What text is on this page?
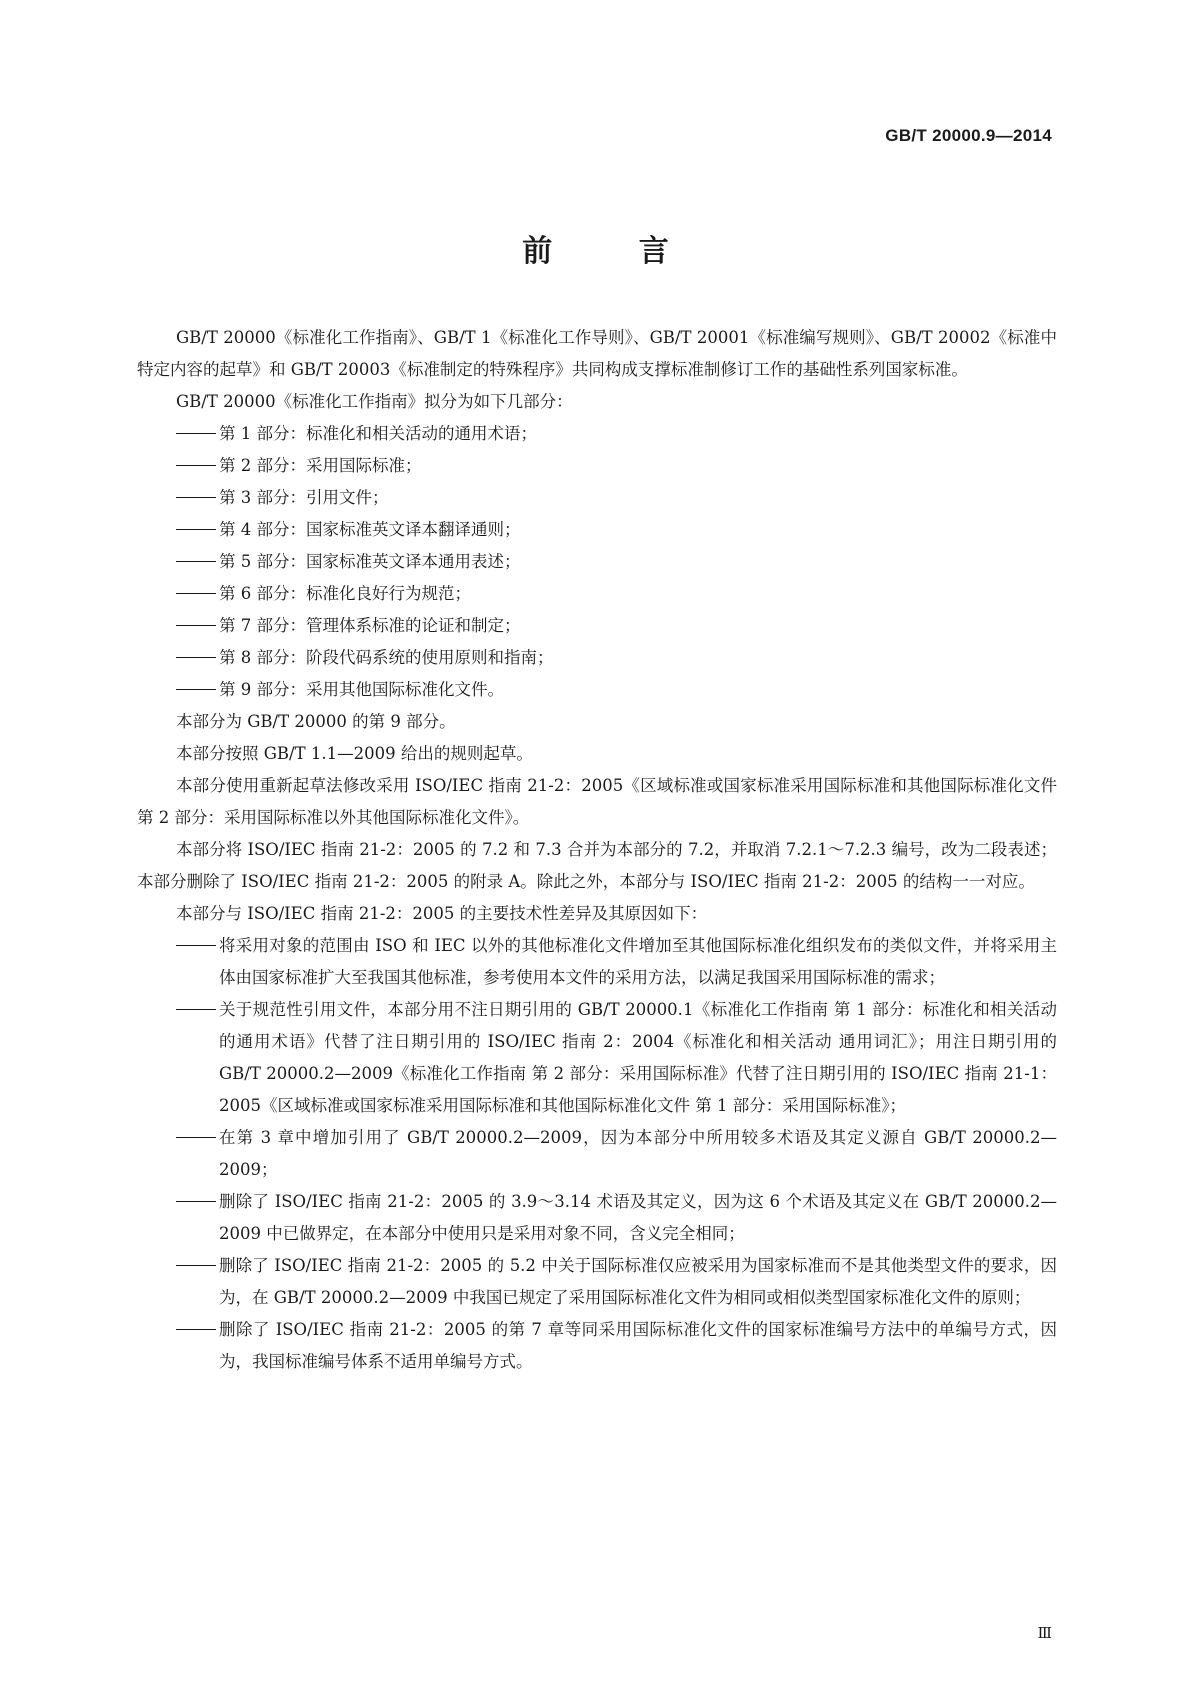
GB/T 20000.9—2014
前 言

GB/T 20000《标准化工作指南》、GB/T 1《标准化工作导则》、GB/T 20001《标准编写规则》、GB/T 20002《标准中特定内容的起草》和 GB/T 20003《标准制定的特殊程序》共同构成支撑标准制修订工作的基础性系列国家标准。

GB/T 20000《标准化工作指南》拟分为如下几部分：

第 1 部分：标准化和相关活动的通用术语；
第 2 部分：采用国际标准；
第 3 部分：引用文件；
第 4 部分：国家标准英文译本翻译通则；
第 5 部分：国家标准英文译本通用表述；
第 6 部分：标准化良好行为规范；
第 7 部分：管理体系标准的论证和制定；
第 8 部分：阶段代码系统的使用原则和指南；
第 9 部分：采用其他国际标准化文件。

本部分为 GB/T 20000 的第 9 部分。

本部分按照 GB/T 1.1—2009 给出的规则起草。

本部分使用重新起草法修改采用 ISO/IEC 指南 21-2：2005《区域标准或国家标准采用国际标准和其他国际标准化文件 第 2 部分：采用国际标准以外其他国际标准化文件》。

本部分将 ISO/IEC 指南 21-2：2005 的 7.2 和 7.3 合并为本部分的 7.2，并取消 7.2.1～7.2.3 编号，改为二段表述；本部分删除了 ISO/IEC 指南 21-2：2005 的附录 A。除此之外，本部分与 ISO/IEC 指南 21-2：2005 的结构一一对应。

本部分与 ISO/IEC 指南 21-2：2005 的主要技术性差异及其原因如下：

将采用对象的范围由 ISO 和 IEC 以外的其他标准化文件增加至其他国际标准化组织发布的类似文件，并将采用主体由国家标准扩大至我国其他标准，参考使用本文件的采用方法，以满足我国采用国际标准的需求；
关于规范性引用文件，本部分用不注日期引用的 GB/T 20000.1《标准化工作指南 第 1 部分：标准化和相关活动的通用术语》代替了注日期引用的 ISO/IEC 指南 2：2004《标准化和相关活动 通用词汇》；用注日期引用的 GB/T 20000.2—2009《标准化工作指南 第 2 部分：采用国际标准》代替了注日期引用的 ISO/IEC 指南 21-1：2005《区域标准或国家标准采用国际标准和其他国际标准化文件 第 1 部分：采用国际标准》；
在第 3 章中增加引用了 GB/T 20000.2—2009，因为本部分中所用较多术语及其定义源自 GB/T 20000.2—2009；
删除了 ISO/IEC 指南 21-2：2005 的 3.9～3.14 术语及其定义，因为这 6 个术语及其定义在 GB/T 20000.2—2009 中已做界定，在本部分中使用只是采用对象不同，含义完全相同；
删除了 ISO/IEC 指南 21-2：2005 的 5.2 中关于国际标准仅应被采用为国家标准而不是其他类型文件的要求，因为，在 GB/T 20000.2—2009 中我国已规定了采用国际标准化文件为相同或相似类型国家标准化文件的原则；
删除了 ISO/IEC 指南 21-2：2005 的第 7 章等同采用国际标准化文件的国家标准编号方法中的单编号方式，因为，我国标准编号体系不适用单编号方式。
Ⅲ
